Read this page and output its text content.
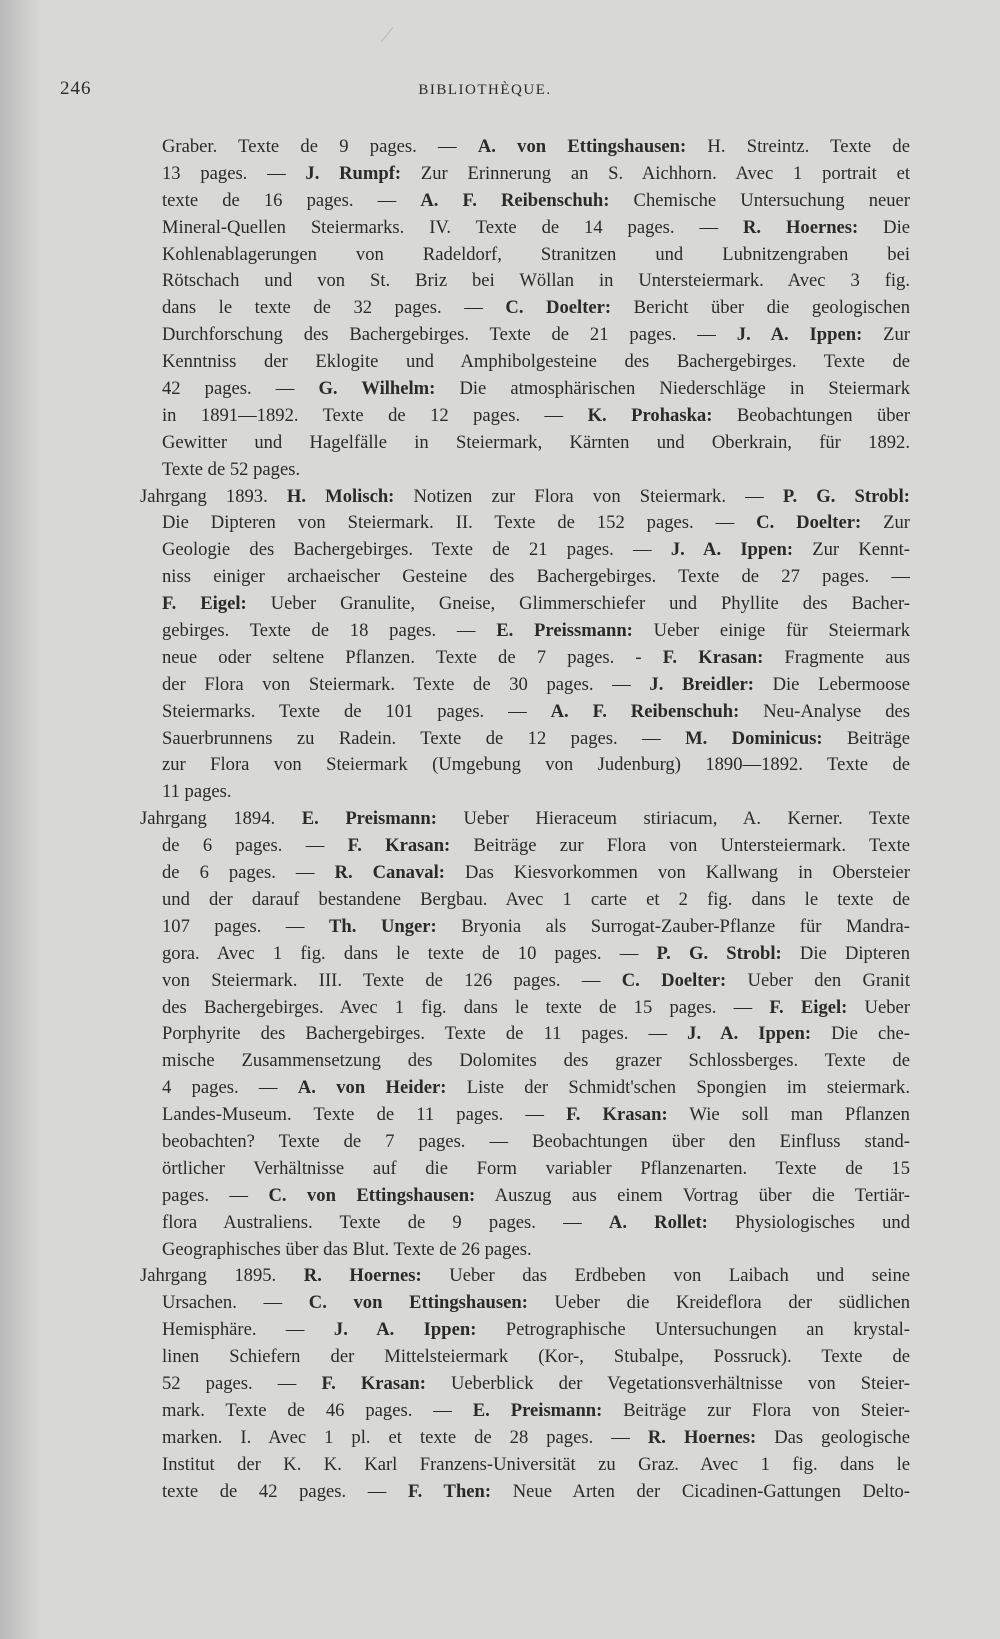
246	BIBLIOTHÈQUE.
Graber. Texte de 9 pages. — A. von Ettingshausen: H. Streintz. Texte de
13 pages. — J. Rumpf: Zur Erinnerung an S. Aichhorn. Avec 1 portrait et
texte de 16 pages. — A. F. Reibenschuh: Chemische Untersuchung neuer
Mineral-Quellen Steiermarks. IV. Texte de 14 pages. — R. Hoernes: Die
Kohlenablagerungen von Radeldorf, Stranitzen und Lubnitzengraben bei
Rötschach und von St. Briz bei Wöllan in Untersteiermark. Avec 3 fig.
dans le texte de 32 pages. — C. Doelter: Bericht über die geologischen
Durchforschung des Bachergebirges. Texte de 21 pages. — J. A. Ippen: Zur
Kenntniss der Eklogite und Amphibolgesteine des Bachergebirges. Texte de
42 pages. — G. Wilhelm: Die atmosphärischen Niederschläge in Steiermark
in 1891—1892. Texte de 12 pages. — K. Prohaska: Beobachtungen über
Gewitter und Hagelfälle in Steiermark, Kärnten und Oberkrain, für 1892.
Texte de 52 pages.
Jahrgang 1893. H. Molisch: Notizen zur Flora von Steiermark. — P. G. Strobl:
Die Dipteren von Steiermark. II. Texte de 152 pages. — C. Doelter: Zur
Geologie des Bachergebirges. Texte de 21 pages. — J. A. Ippen: Zur Kennt-
niss einiger archaeischer Gesteine des Bachergebirges. Texte de 27 pages. —
F. Eigel: Ueber Granulite, Gneise, Glimmerschiefer und Phyllite des Bacher-
gebirges. Texte de 18 pages. — E. Preissmann: Ueber einige für Steiermark
neue oder seltene Pflanzen. Texte de 7 pages. - F. Krasan: Fragmente aus
der Flora von Steiermark. Texte de 30 pages. — J. Breidler: Die Lebermoose
Steiermarks. Texte de 101 pages. — A. F. Reibenschuh: Neu-Analyse des
Sauerbrunnens zu Radein. Texte de 12 pages. — M. Dominicus: Beiträge
zur Flora von Steiermark (Umgebung von Judenburg) 1890—1892. Texte de
11 pages.
Jahrgang 1894. E. Preismann: Ueber Hieraceum stiriacum, A. Kerner. Texte
de 6 pages. — F. Krasan: Beiträge zur Flora von Untersteiermark. Texte
de 6 pages. — R. Canaval: Das Kiesvorkommen von Kallwang in Obersteier
und der darauf bestandene Bergbau. Avec 1 carte et 2 fig. dans le texte de
107 pages. — Th. Unger: Bryonia als Surrogat-Zauber-Pflanze für Mandra-
gora. Avec 1 fig. dans le texte de 10 pages. — P. G. Strobl: Die Dipteren
von Steiermark. III. Texte de 126 pages. — C. Doelter: Ueber den Granit
des Bachergebirges. Avec 1 fig. dans le texte de 15 pages. — F. Eigel: Ueber
Porphyrite des Bachergebirges. Texte de 11 pages. — J. A. Ippen: Die che-
mische Zusammensetzung des Dolomites des grazer Schlossberges. Texte de
4 pages. — A. von Heider: Liste der Schmidt'schen Spongien im steiermark.
Landes-Museum. Texte de 11 pages. — F. Krasan: Wie soll man Pflanzen
beobachten? Texte de 7 pages. — Beobachtungen über den Einfluss stand-
örtlicher Verhältnisse auf die Form variabler Pflanzenarten. Texte de 15
pages. — C. von Ettingshausen: Auszug aus einem Vortrag über die Tertiär-
flora Australiens. Texte de 9 pages. — A. Rollet: Physiologisches und
Geographisches über das Blut. Texte de 26 pages.
Jahrgang 1895. R. Hoernes: Ueber das Erdbeben von Laibach und seine
Ursachen. — C. von Ettingshausen: Ueber die Kreideflora der südlichen
Hemisphäre. — J. A. Ippen: Petrographische Untersuchungen an krystal-
linen Schiefern der Mittelsteiermark (Kor-, Stubalpe, Possruck). Texte de
52 pages. — F. Krasan: Ueberblick der Vegetationsverhältnisse von Steier-
mark. Texte de 46 pages. — E. Preismann: Beiträge zur Flora von Steier-
marken. I. Avec 1 pl. et texte de 28 pages. — R. Hoernes: Das geologische
Institut der K. K. Karl Franzens-Universität zu Graz. Avec 1 fig. dans le
texte de 42 pages. — F. Then: Neue Arten der Cicadinen-Gattungen Delto-
